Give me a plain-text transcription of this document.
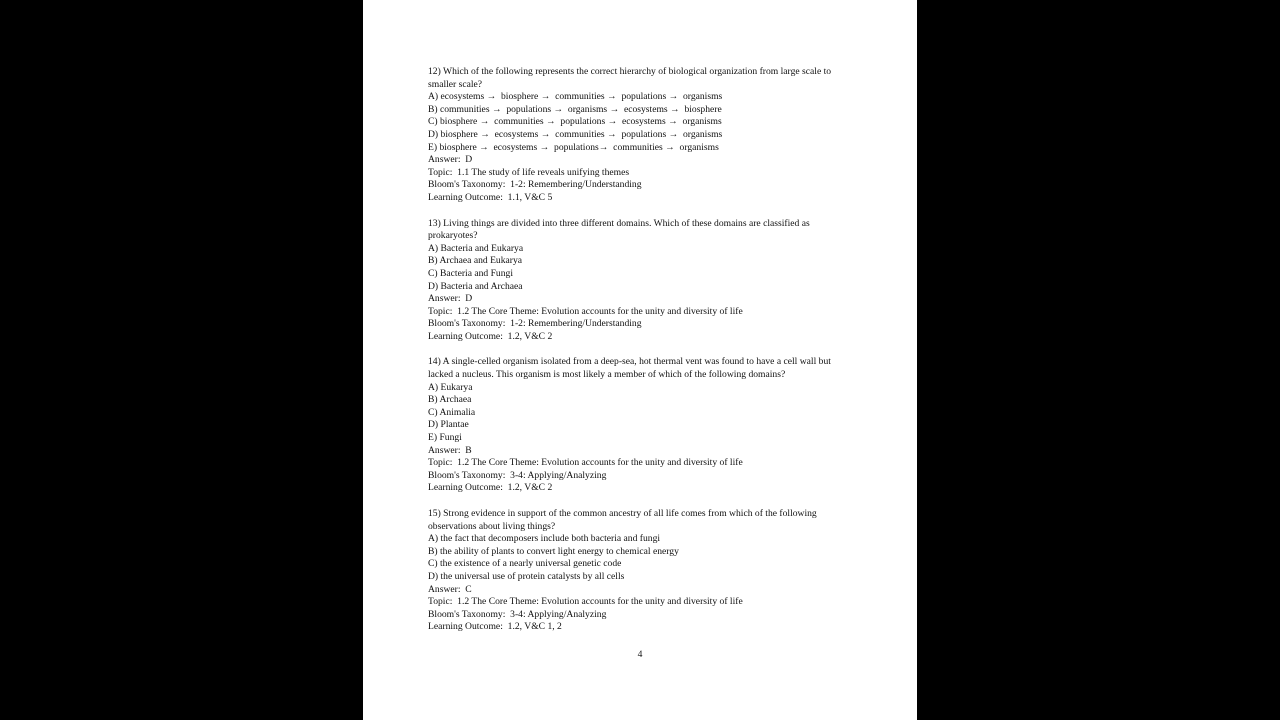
12) Which of the following represents the correct hierarchy of biological organization from large scale to smaller scale?
A) ecosystems →  biosphere →  communities →  populations →  organisms
B) communities →  populations →  organisms →  ecosystems →  biosphere
C) biosphere →  communities →  populations →  ecosystems →  organisms
D) biosphere →  ecosystems →  communities →  populations →  organisms
E) biosphere →  ecosystems →  populations→  communities →  organisms
Answer:  D
Topic:  1.1 The study of life reveals unifying themes
Bloom's Taxonomy:  1-2: Remembering/Understanding
Learning Outcome:  1.1, V&C 5
13) Living things are divided into three different domains. Which of these domains are classified as prokaryotes?
A) Bacteria and Eukarya
B) Archaea and Eukarya
C) Bacteria and Fungi
D) Bacteria and Archaea
Answer:  D
Topic:  1.2 The Core Theme: Evolution accounts for the unity and diversity of life
Bloom's Taxonomy:  1-2: Remembering/Understanding
Learning Outcome:  1.2, V&C 2
14) A single-celled organism isolated from a deep-sea, hot thermal vent was found to have a cell wall but lacked a nucleus. This organism is most likely a member of which of the following domains?
A) Eukarya
B) Archaea
C) Animalia
D) Plantae
E) Fungi
Answer:  B
Topic:  1.2 The Core Theme: Evolution accounts for the unity and diversity of life
Bloom's Taxonomy:  3-4: Applying/Analyzing
Learning Outcome:  1.2, V&C 2
15) Strong evidence in support of the common ancestry of all life comes from which of the following observations about living things?
A) the fact that decomposers include both bacteria and fungi
B) the ability of plants to convert light energy to chemical energy
C) the existence of a nearly universal genetic code
D) the universal use of protein catalysts by all cells
Answer:  C
Topic:  1.2 The Core Theme: Evolution accounts for the unity and diversity of life
Bloom's Taxonomy:  3-4: Applying/Analyzing
Learning Outcome:  1.2, V&C 1, 2
4
